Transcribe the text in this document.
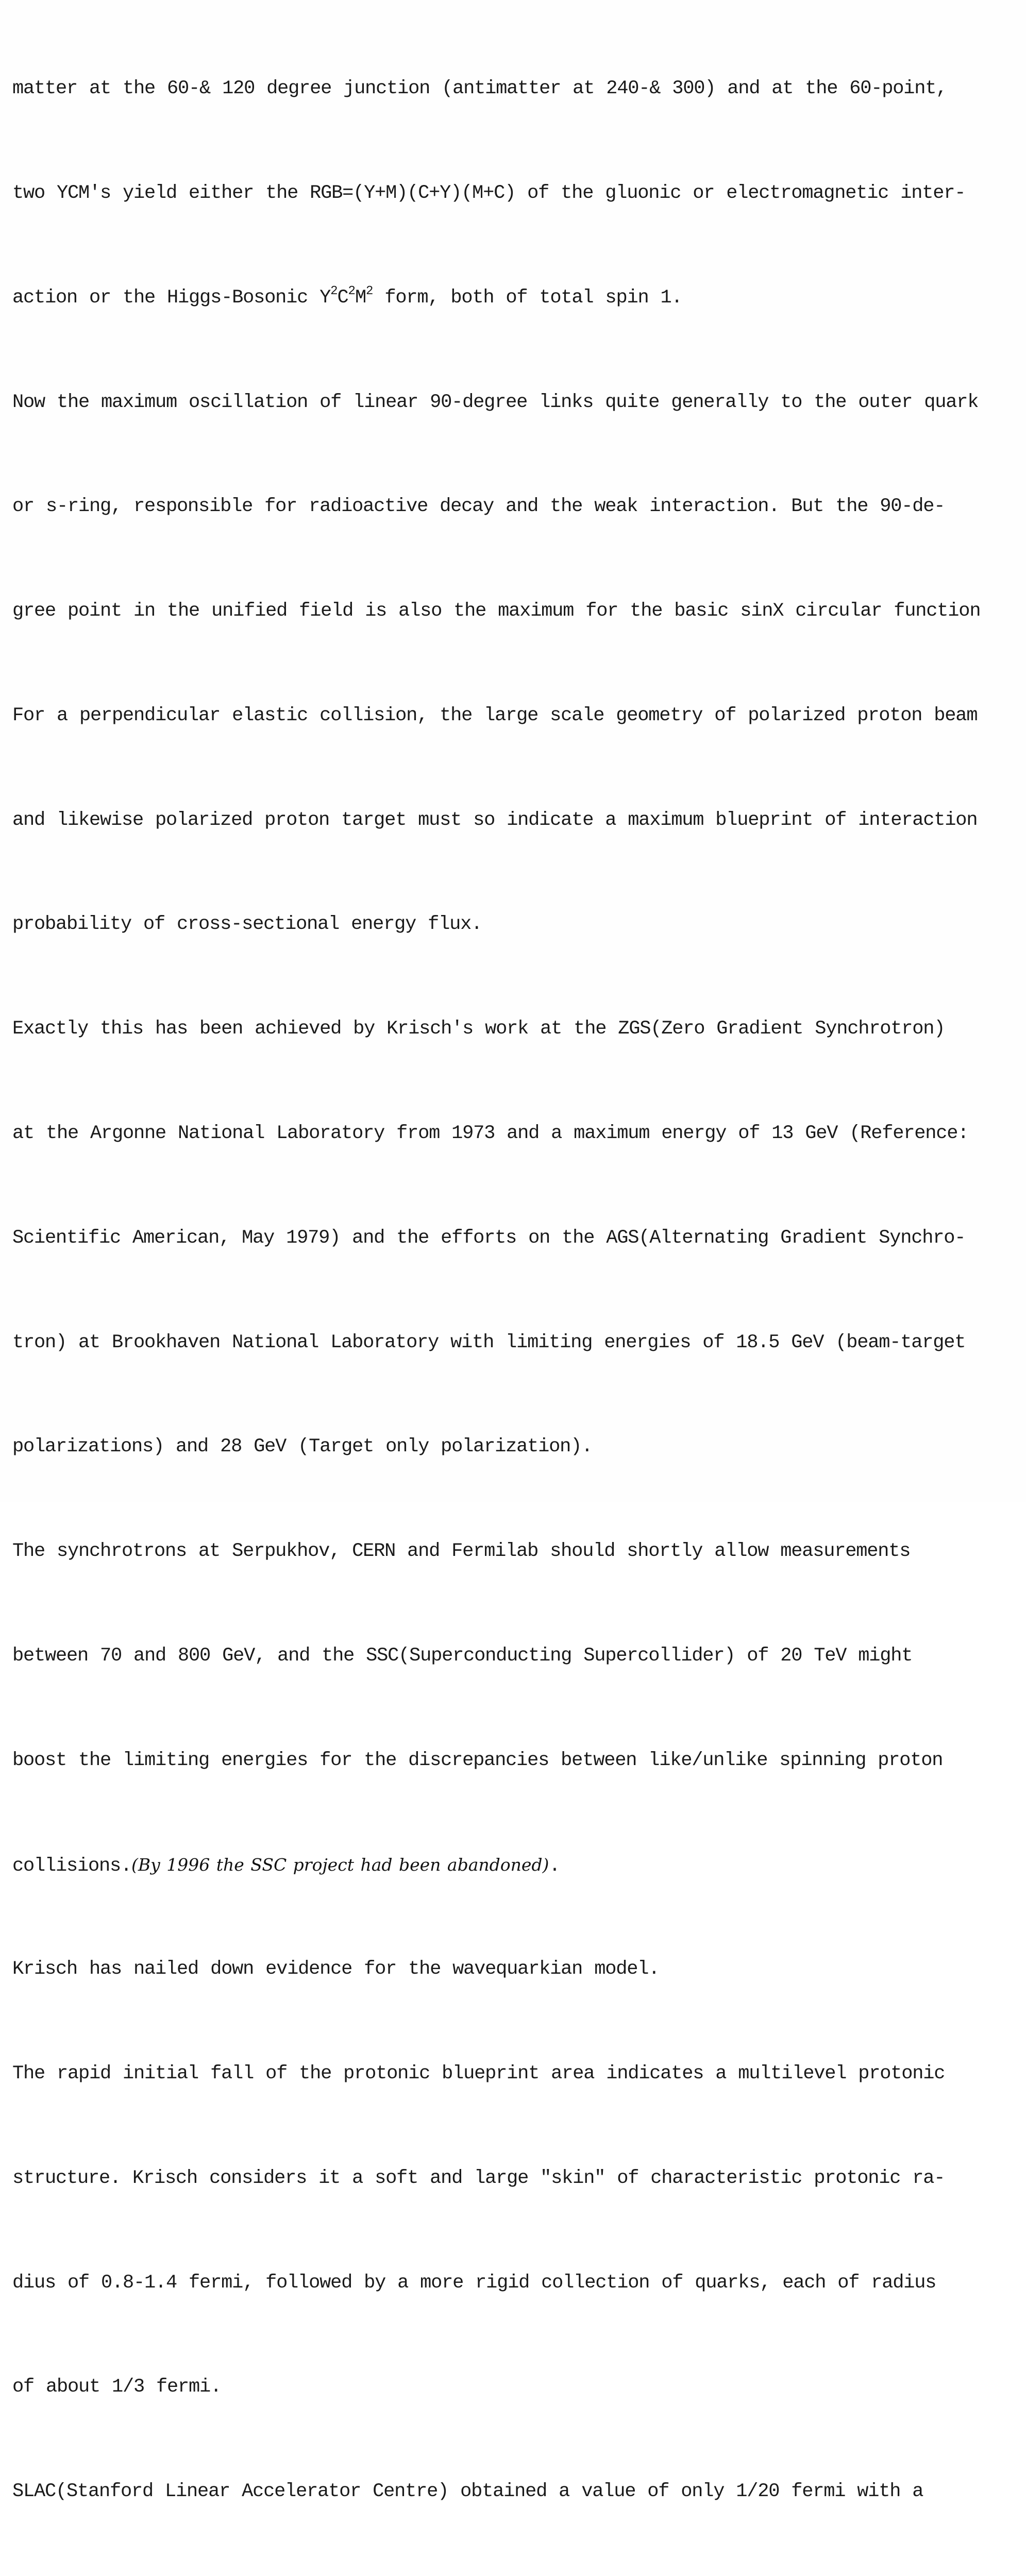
matter at the 60-& 120 degree junction (antimatter at 240-& 300) and at the 60-point,

two YCM's yield either the RGB=(Y+M)(C+Y)(M+C) of the gluonic or electromagnetic inter-

action or the Higgs-Bosonic $Y^2C^2M^2$ form, both of total spin 1.

Now the maximum oscillation of linear 90-degree links quite generally to the outer quark

or s-ring, responsible for radioactive decay and the weak interaction. But the 90-de-

gree point in the unified field is also the maximum for the basic sinX circular function

For a perpendicular elastic collision, the large scale geometry of polarized proton beam

and likewise polarized proton target must so indicate a maximum blueprint of interaction

probability of cross-sectional energy flux.

Exactly this has been achieved by Krisch's work at the ZGS(Zero Gradient Synchrotron)

at the Argonne National Laboratory from 1973 and a maximum energy of 13 GeV (Reference:

Scientific American, May 1979) and the efforts on the AGS(Alternating Gradient Synchro-

tron) at Brookhaven National Laboratory with limiting energies of 18.5 GeV (beam-target

polarizations) and 28 GeV (Target only polarization).

The synchrotrons at Serpukhov, CERN and Fermilab should shortly allow measurements

between 70 and 800 GeV, and the SSC(Superconducting Supercollider) of 20 TeV might

boost the limiting energies for the discrepancies between like/unlike spinning proton

collisions.(By 1996 the SSC project had been abandoned).

Krisch has nailed down evidence for the wavequarkian model.

The rapid initial fall of the protonic blueprint area indicates a multilevel protonic

structure. Krisch considers it a soft and large "skin" of characteristic protonic ra-

dius of 0.8-1.4 fermi, followed by a more rigid collection of quarks, each of radius

of about 1/3 fermi.

SLAC(Stanford Linear Accelerator Centre) obtained a value of only 1/20 fermi with a
